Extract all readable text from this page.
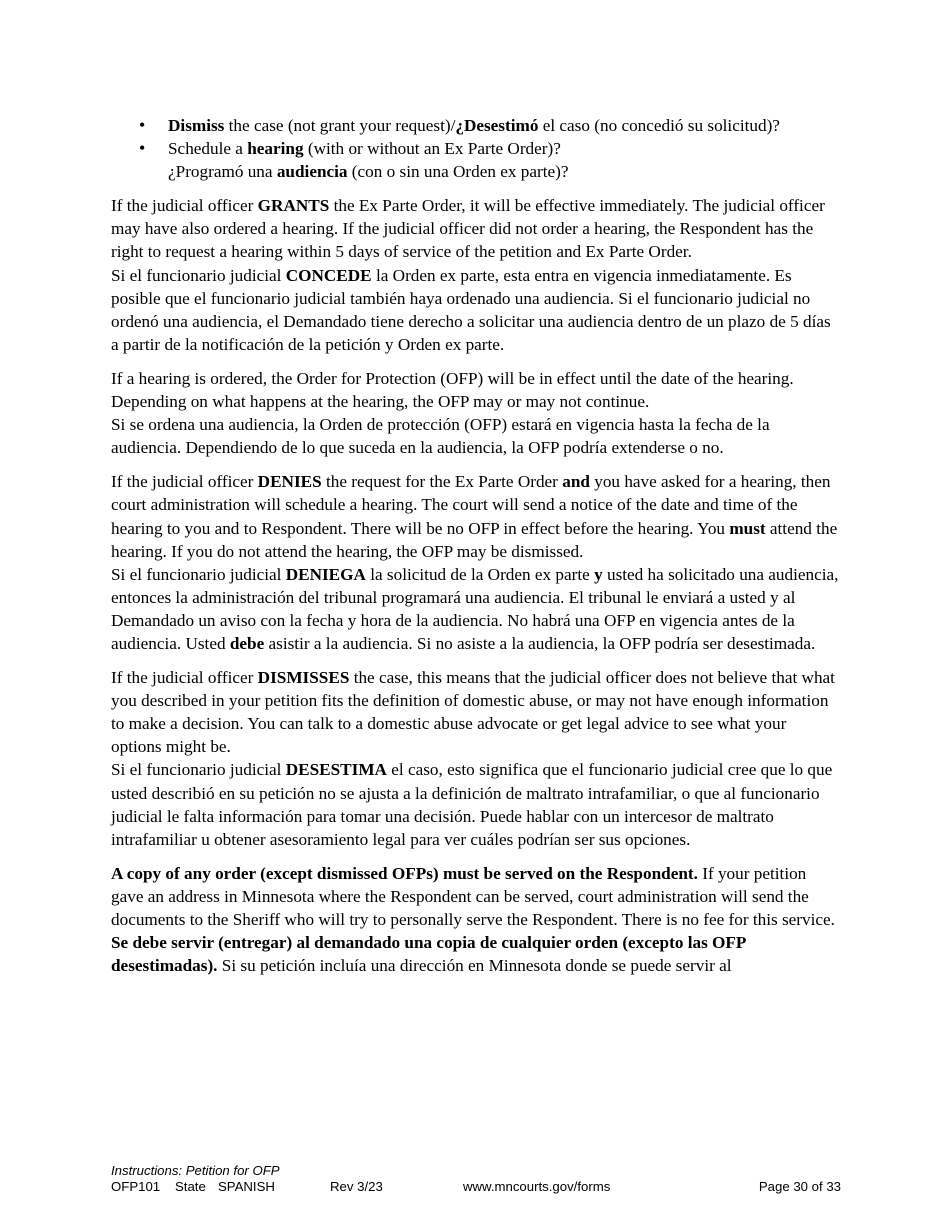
• Dismiss the case (not grant your request)/¿Desestimó el caso (no concedió su solicitud)?
• Schedule a hearing (with or without an Ex Parte Order)?
¿Programó una audiencia (con o sin una Orden ex parte)?

If the judicial officer GRANTS the Ex Parte Order, it will be effective immediately. The judicial officer may have also ordered a hearing. If the judicial officer did not order a hearing, the Respondent has the right to request a hearing within 5 days of service of the petition and Ex Parte Order.

Si el funcionario judicial CONCEDE la Orden ex parte, esta entra en vigencia inmediatamente. Es posible que el funcionario judicial también haya ordenado una audiencia. Si el funcionario judicial no ordenó una audiencia, el Demandado tiene derecho a solicitar una audiencia dentro de un plazo de 5 días a partir de la notificación de la petición y Orden ex parte.

If a hearing is ordered, the Order for Protection (OFP) will be in effect until the date of the hearing. Depending on what happens at the hearing, the OFP may or may not continue.

Si se ordena una audiencia, la Orden de protección (OFP) estará en vigencia hasta la fecha de la audiencia. Dependiendo de lo que suceda en la audiencia, la OFP podría extenderse o no.

If the judicial officer DENIES the request for the Ex Parte Order and you have asked for a hearing, then court administration will schedule a hearing. The court will send a notice of the date and time of the hearing to you and to Respondent. There will be no OFP in effect before the hearing. You must attend the hearing. If you do not attend the hearing, the OFP may be dismissed.

Si el funcionario judicial DENIEGA la solicitud de la Orden ex parte y usted ha solicitado una audiencia, entonces la administración del tribunal programará una audiencia. El tribunal le enviará a usted y al Demandado un aviso con la fecha y hora de la audiencia. No habrá una OFP en vigencia antes de la audiencia. Usted debe asistir a la audiencia. Si no asiste a la audiencia, la OFP podría ser desestimada.

If the judicial officer DISMISSES the case, this means that the judicial officer does not believe that what you described in your petition fits the definition of domestic abuse, or may not have enough information to make a decision. You can talk to a domestic abuse advocate or get legal advice to see what your options might be.

Si el funcionario judicial DESESTIMA el caso, esto significa que el funcionario judicial cree que lo que usted describió en su petición no se ajusta a la definición de maltrato intrafamiliar, o que al funcionario judicial le falta información para tomar una decisión. Puede hablar con un intercesor de maltrato intrafamiliar u obtener asesoramiento legal para ver cuáles podrían ser sus opciones.

A copy of any order (except dismissed OFPs) must be served on the Respondent. If your petition gave an address in Minnesota where the Respondent can be served, court administration will send the documents to the Sheriff who will try to personally serve the Respondent. There is no fee for this service.

Se debe servir (entregar) al demandado una copia de cualquier orden (excepto las OFP desestimadas). Si su petición incluía una dirección en Minnesota donde se puede servir al

Instructions: Petition for OFP
OFP101 State SPANISH	Rev 3/23	www.mncourts.gov/forms	Page 30 of 33
